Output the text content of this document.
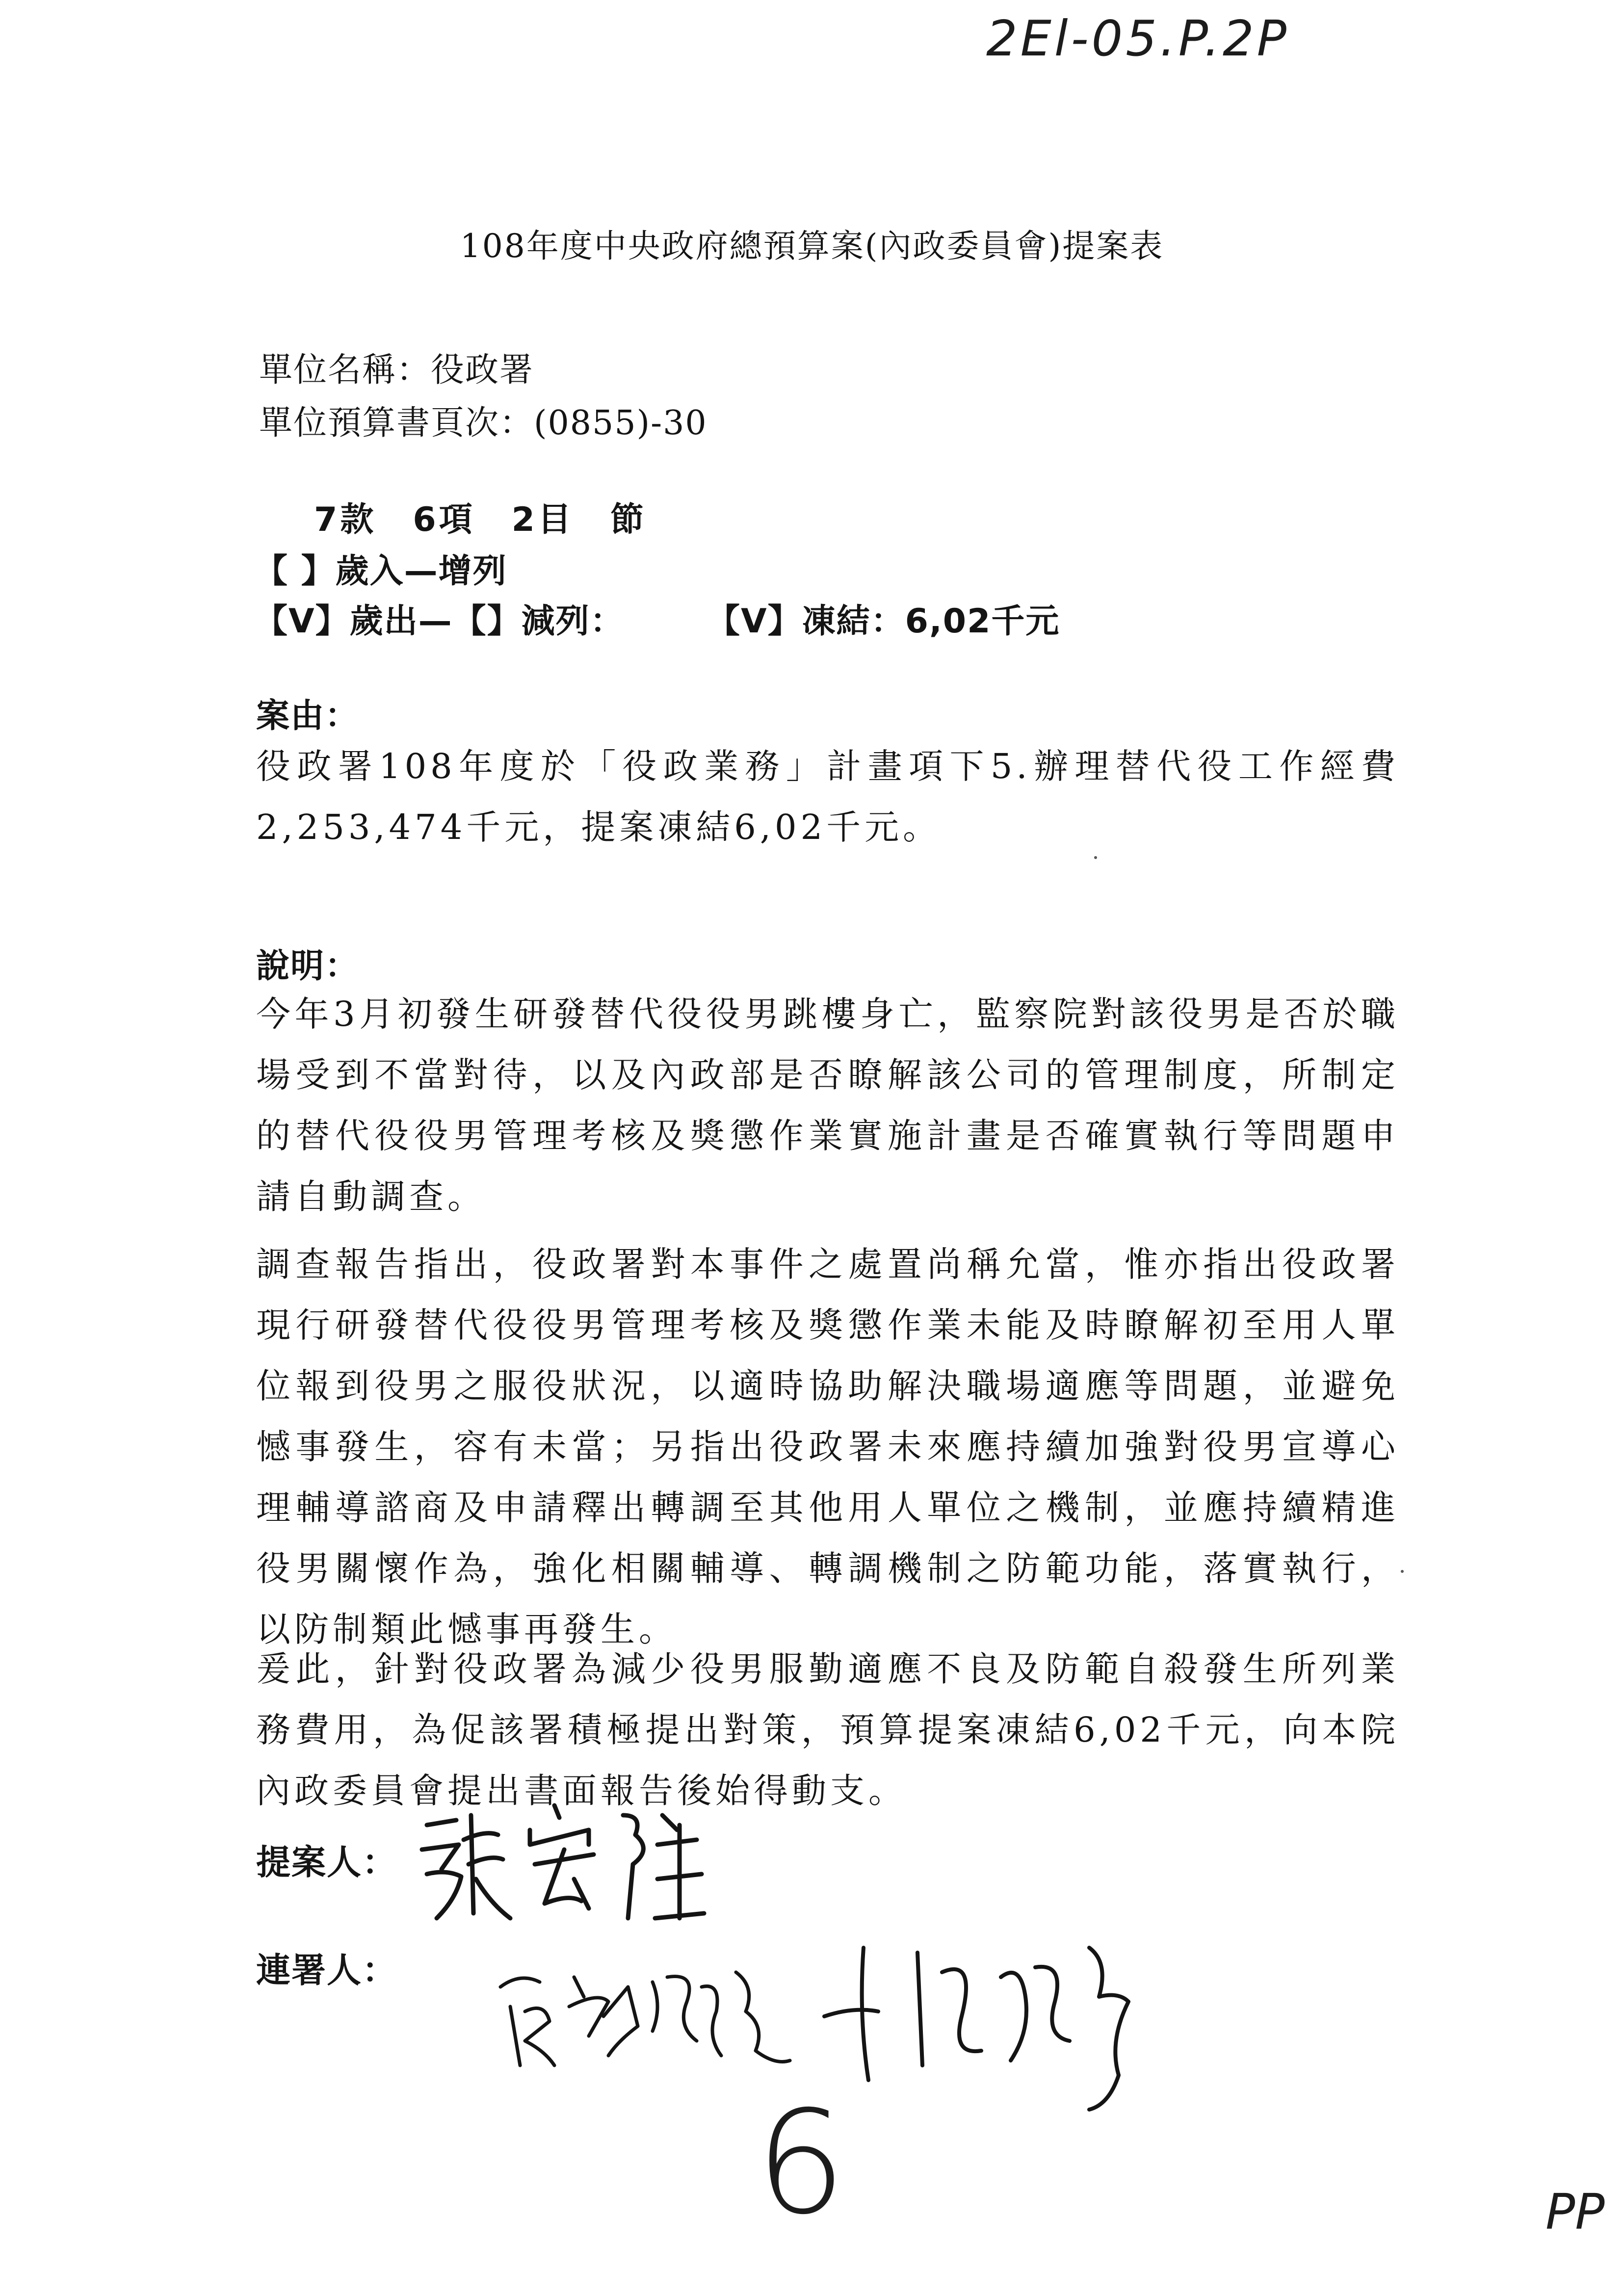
2El-05.P.2P
108年度中央政府總預算案(內政委員會)提案表
單位名稱：役政署
單位預算書頁次：(0855)-30
7款　6項　2目　節
【 】歲入—增列
【V】歲出—【】減列： 【V】凍結：6,02千元
案由：
役政署108年度於「役政業務」計畫項下5.辦理替代役工作經費2,253,474千元，提案凍結6,02千元。
說明：
今年3月初發生研發替代役役男跳樓身亡，監察院對該役男是否於職場受到不當對待，以及內政部是否瞭解該公司的管理制度，所制定的替代役役男管理考核及獎懲作業實施計畫是否確實執行等問題申請自動調查。
調查報告指出，役政署對本事件之處置尚稱允當，惟亦指出役政署現行研發替代役役男管理考核及獎懲作業未能及時瞭解初至用人單位報到役男之服役狀況，以適時協助解決職場適應等問題，並避免憾事發生，容有未當；另指出役政署未來應持續加強對役男宣導心理輔導諮商及申請釋出轉調至其他用人單位之機制，並應持續精進役男關懷作為，強化相關輔導、轉調機制之防範功能，落實執行，以防制類此憾事再發生。
爰此，針對役政署為減少役男服勤適應不良及防範自殺發生所列業務費用，為促該署積極提出對策，預算提案凍結6,02千元，向本院內政委員會提出書面報告後始得動支。
提案人：
連署人：
6	PP
